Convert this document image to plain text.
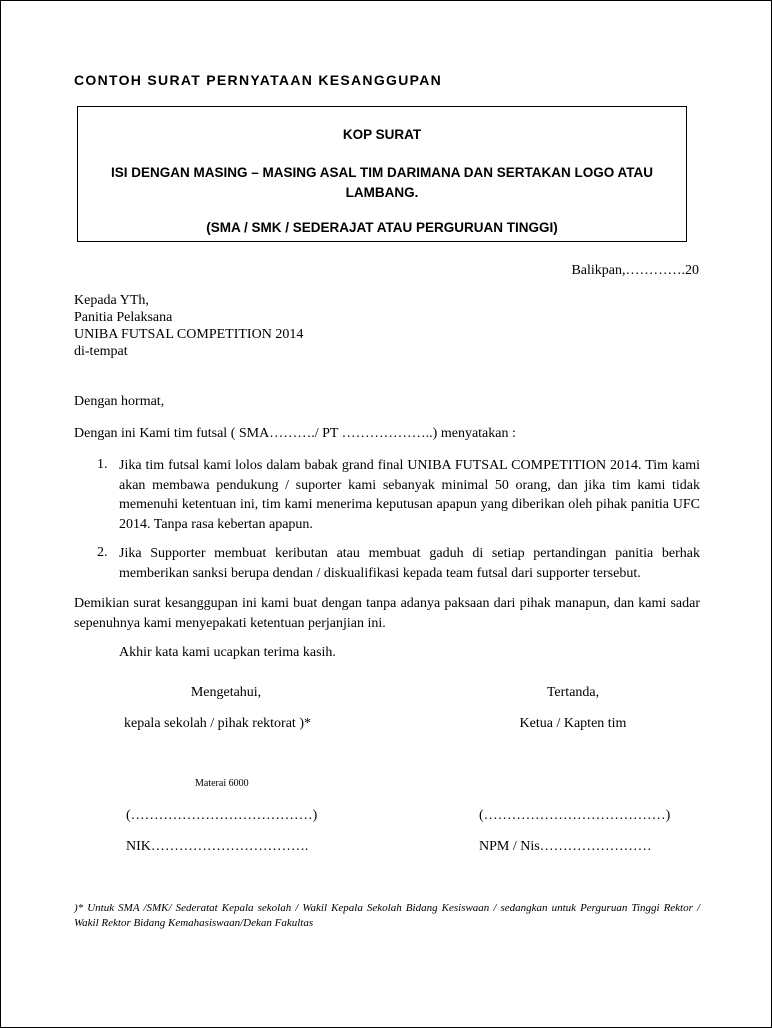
CONTOH SURAT PERNYATAAN KESANGGUPAN
KOP SURAT
ISI DENGAN MASING – MASING ASAL TIM DARIMANA DAN SERTAKAN LOGO ATAU LAMBANG.
(SMA / SMK / SEDERAJAT ATAU PERGURUAN TINGGI)
Balikpan,………….20
Kepada YTh,
Panitia Pelaksana
UNIBA FUTSAL COMPETITION 2014
di-tempat
Dengan hormat,
Dengan ini Kami tim futsal ( SMA………./ PT ………………..) menyatakan :
1. Jika tim futsal kami lolos dalam babak grand final UNIBA FUTSAL COMPETITION 2014. Tim kami akan membawa pendukung / suporter kami sebanyak minimal 50 orang, dan jika tim kami tidak memenuhi ketentuan ini, tim kami menerima keputusan apapun yang diberikan oleh pihak panitia UFC 2014. Tanpa rasa kebertan apapun.
2. Jika Supporter membuat keributan atau membuat gaduh di setiap pertandingan panitia berhak memberikan sanksi berupa dendan / diskualifikasi kepada team futsal dari supporter tersebut.
Demikian surat kesanggupan ini kami buat dengan tanpa adanya paksaan dari pihak manapun, dan kami sadar sepenuhnya kami menyepakati ketentuan perjanjian ini.
Akhir kata kami ucapkan terima kasih.
Mengetahui,	Tertanda,
kepala sekolah / pihak rektorat )*	Ketua / Kapten tim
Materai 6000
(…………………………………)	(…………………………………)
NIK…………………………….	NPM / Nis……………………
)* Untuk SMA /SMK/ Sederatat Kepala sekolah / Wakil Kepala Sekolah Bidang Kesiswaan / sedangkan untuk Perguruan Tinggi Rektor / Wakil Rektor Bidang Kemahasiswaan/Dekan Fakultas
